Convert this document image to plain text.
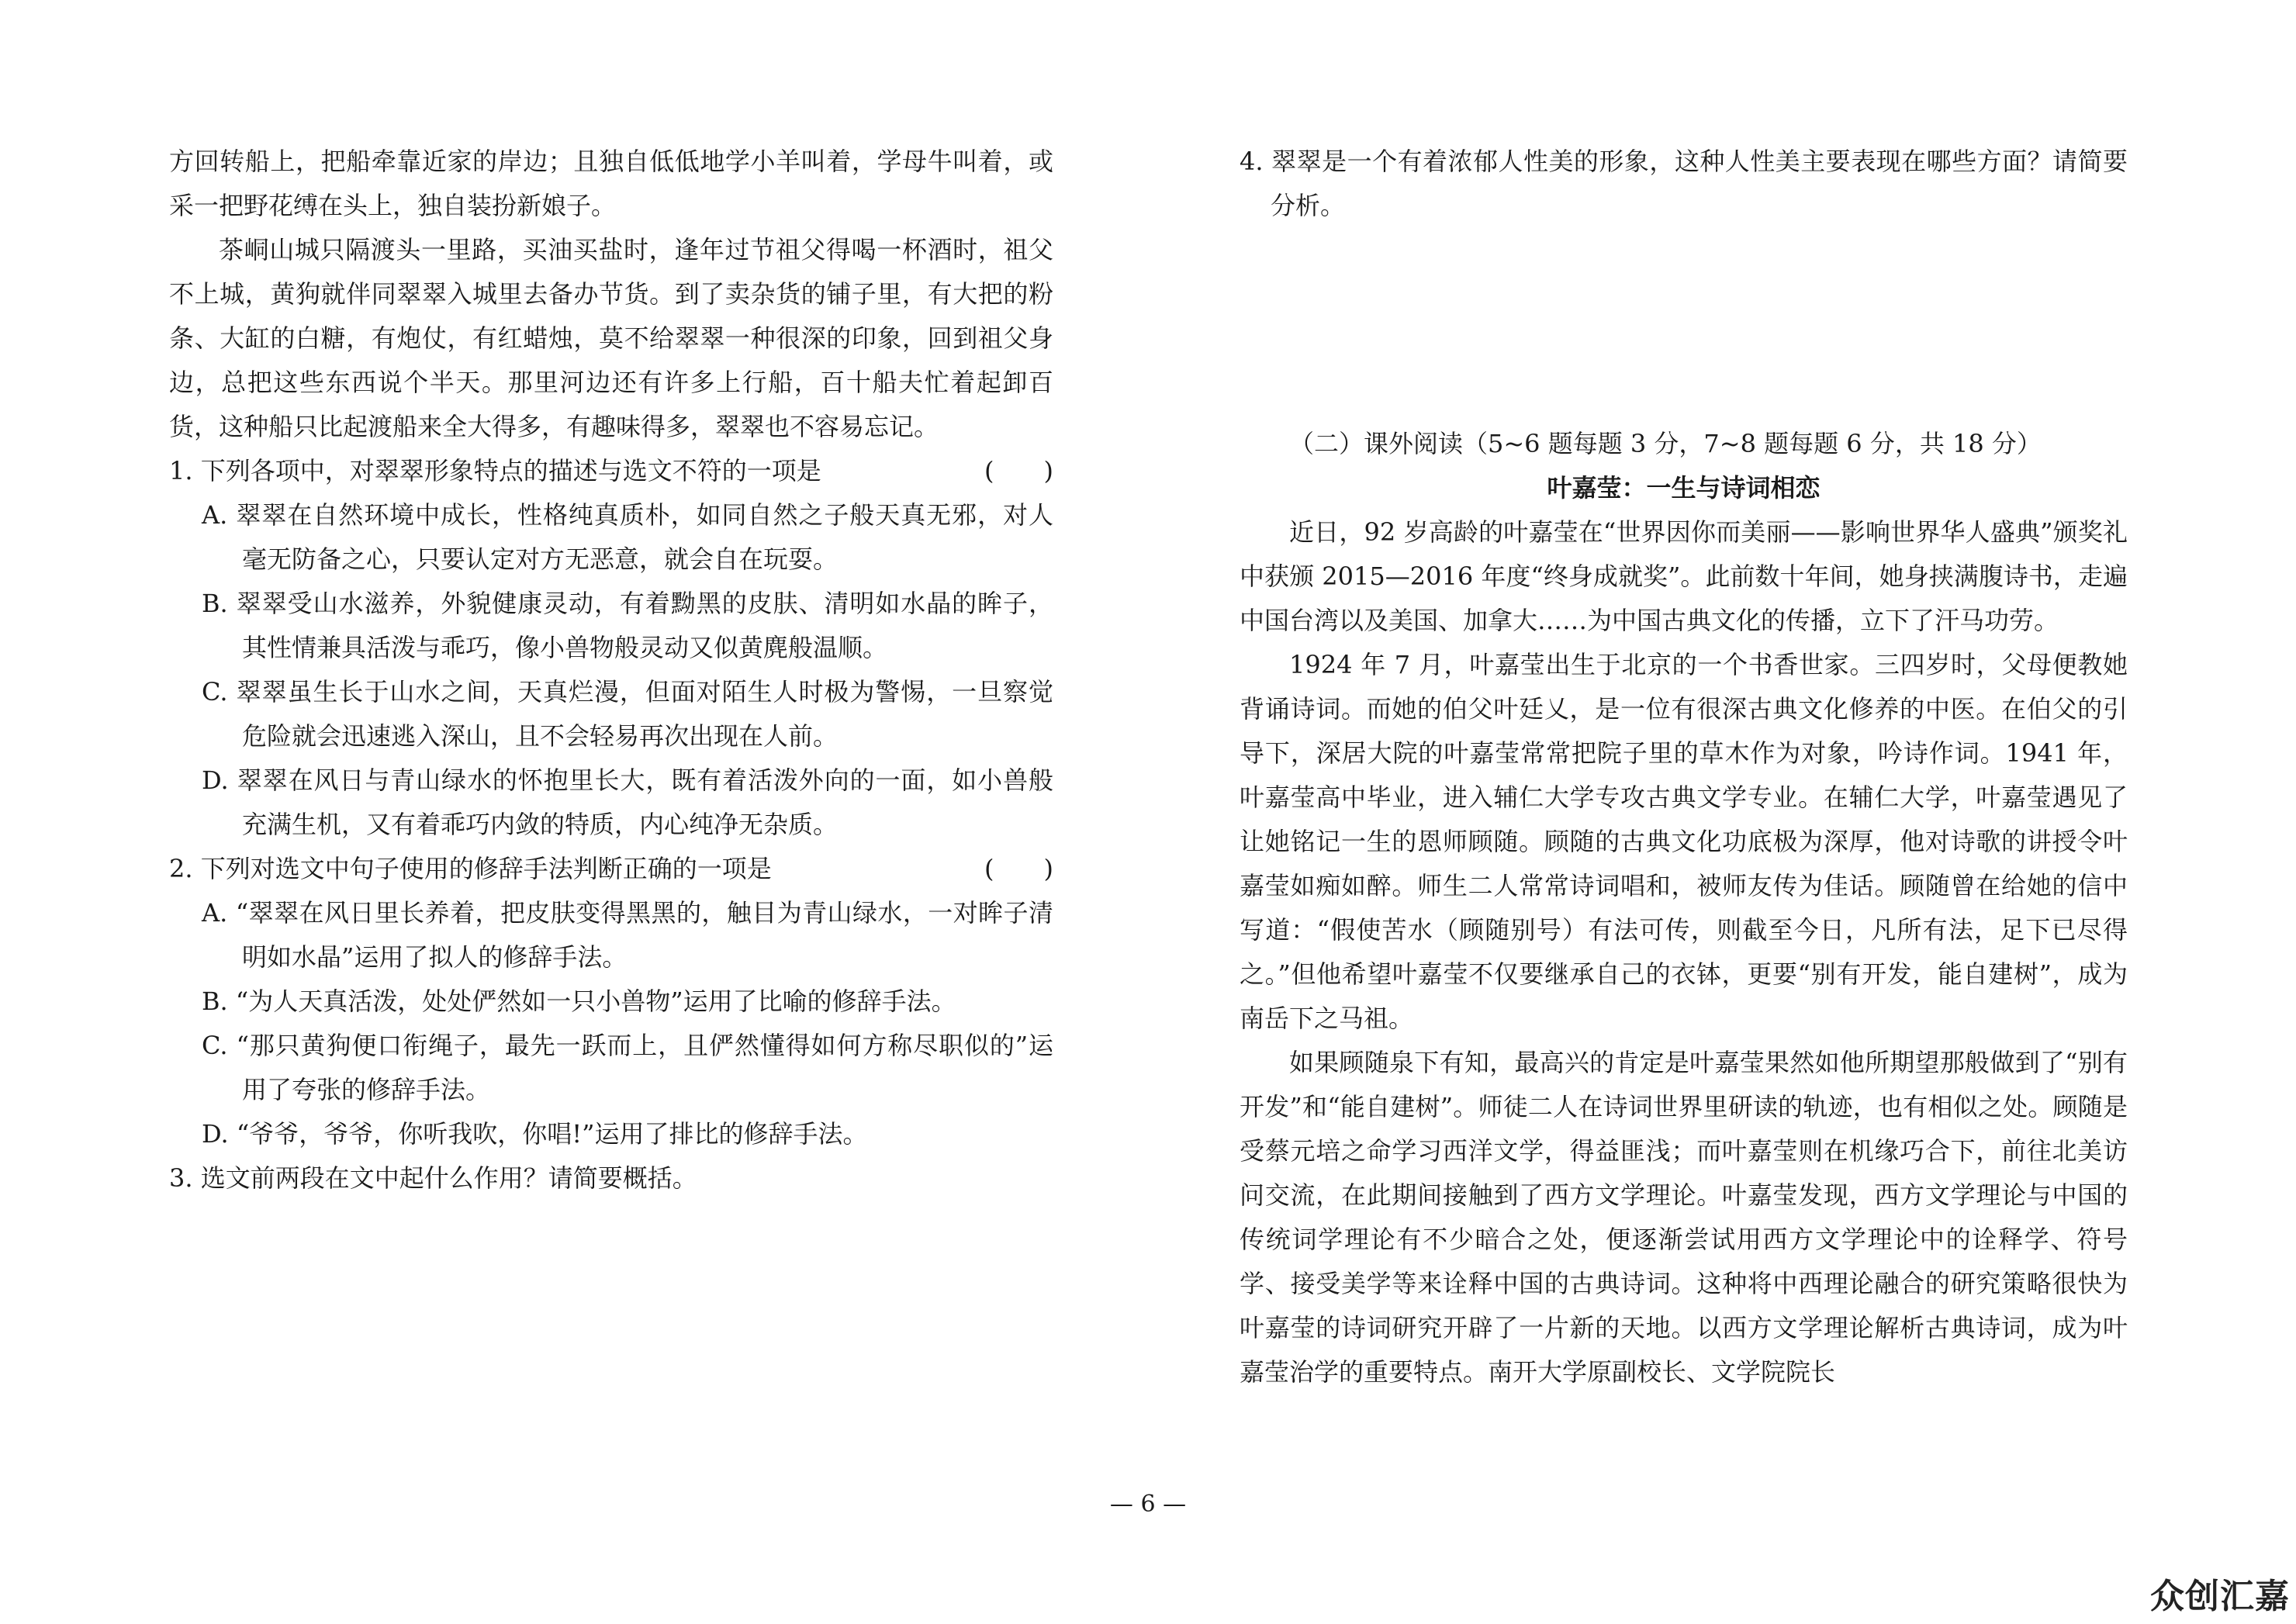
方回转船上，把船牵靠近家的岸边；且独自低低地学小羊叫着，学母牛叫着，或采一把野花缚在头上，独自装扮新娘子。

茶峒山城只隔渡头一里路，买油买盐时，逢年过节祖父得喝一杯酒时，祖父不上城，黄狗就伴同翠翠入城里去备办节货。到了卖杂货的铺子里，有大把的粉条、大缸的白糖，有炮仗，有红蜡烛，莫不给翠翠一种很深的印象，回到祖父身边，总把这些东西说个半天。那里河边还有许多上行船，百十船夫忙着起卸百货，这种船只比起渡船来全大得多，有趣味得多，翠翠也不容易忘记。

1. 下列各项中，对翠翠形象特点的描述与选文不符的一项是	(　　)

A. 翠翠在自然环境中成长，性格纯真质朴，如同自然之子般天真无邪，对人毫无防备之心，只要认定对方无恶意，就会自在玩耍。

B. 翠翠受山水滋养，外貌健康灵动，有着黝黑的皮肤、清明如水晶的眸子，其性情兼具活泼与乖巧，像小兽物般灵动又似黄麂般温顺。

C. 翠翠虽生长于山水之间，天真烂漫，但面对陌生人时极为警惕，一旦察觉危险就会迅速逃入深山，且不会轻易再次出现在人前。

D. 翠翠在风日与青山绿水的怀抱里长大，既有着活泼外向的一面，如小兽般充满生机，又有着乖巧内敛的特质，内心纯净无杂质。

2. 下列对选文中句子使用的修辞手法判断正确的一项是	(　　)

A. “翠翠在风日里长养着，把皮肤变得黑黑的，触目为青山绿水，一对眸子清明如水晶”运用了拟人的修辞手法。

B. “为人天真活泼，处处俨然如一只小兽物”运用了比喻的修辞手法。

C. “那只黄狗便口衔绳子，最先一跃而上，且俨然懂得如何方称尽职似的”运用了夸张的修辞手法。

D. “爷爷，爷爷，你听我吹，你唱!”运用了排比的修辞手法。

3. 选文前两段在文中起什么作用？请简要概括。

4. 翠翠是一个有着浓郁人性美的形象，这种人性美主要表现在哪些方面？请简要分析。

（二）课外阅读（5~6 题每题 3 分，7~8 题每题 6 分，共 18 分）

叶嘉莹：一生与诗词相恋

近日，92 岁高龄的叶嘉莹在“世界因你而美丽——影响世界华人盛典”颁奖礼中获颁 2015—2016 年度“终身成就奖”。此前数十年间，她身挟满腹诗书，走遍中国台湾以及美国、加拿大……为中国古典文化的传播，立下了汗马功劳。

1924 年 7 月，叶嘉莹出生于北京的一个书香世家。三四岁时，父母便教她背诵诗词。而她的伯父叶廷乂，是一位有很深古典文化修养的中医。在伯父的引导下，深居大院的叶嘉莹常常把院子里的草木作为对象，吟诗作词。1941 年，叶嘉莹高中毕业，进入辅仁大学专攻古典文学专业。在辅仁大学，叶嘉莹遇见了让她铭记一生的恩师顾随。顾随的古典文化功底极为深厚，他对诗歌的讲授令叶嘉莹如痴如醉。师生二人常常诗词唱和，被师友传为佳话。顾随曾在给她的信中写道：“假使苦水（顾随别号）有法可传，则截至今日，凡所有法，足下已尽得之。”但他希望叶嘉莹不仅要继承自己的衣钵，更要“别有开发，能自建树”，成为南岳下之马祖。

如果顾随泉下有知，最高兴的肯定是叶嘉莹果然如他所期望那般做到了“别有开发”和“能自建树”。师徒二人在诗词世界里研读的轨迹，也有相似之处。顾随是受蔡元培之命学习西洋文学，得益匪浅；而叶嘉莹则在机缘巧合下，前往北美访问交流，在此期间接触到了西方文学理论。叶嘉莹发现，西方文学理论与中国的传统词学理论有不少暗合之处，便逐渐尝试用西方文学理论中的诠释学、符号学、接受美学等来诠释中国的古典诗词。这种将中西理论融合的研究策略很快为叶嘉莹的诗词研究开辟了一片新的天地。以西方文学理论解析古典诗词，成为叶嘉莹治学的重要特点。南开大学原副校长、文学院院长

— 6 —
众创汇嘉
